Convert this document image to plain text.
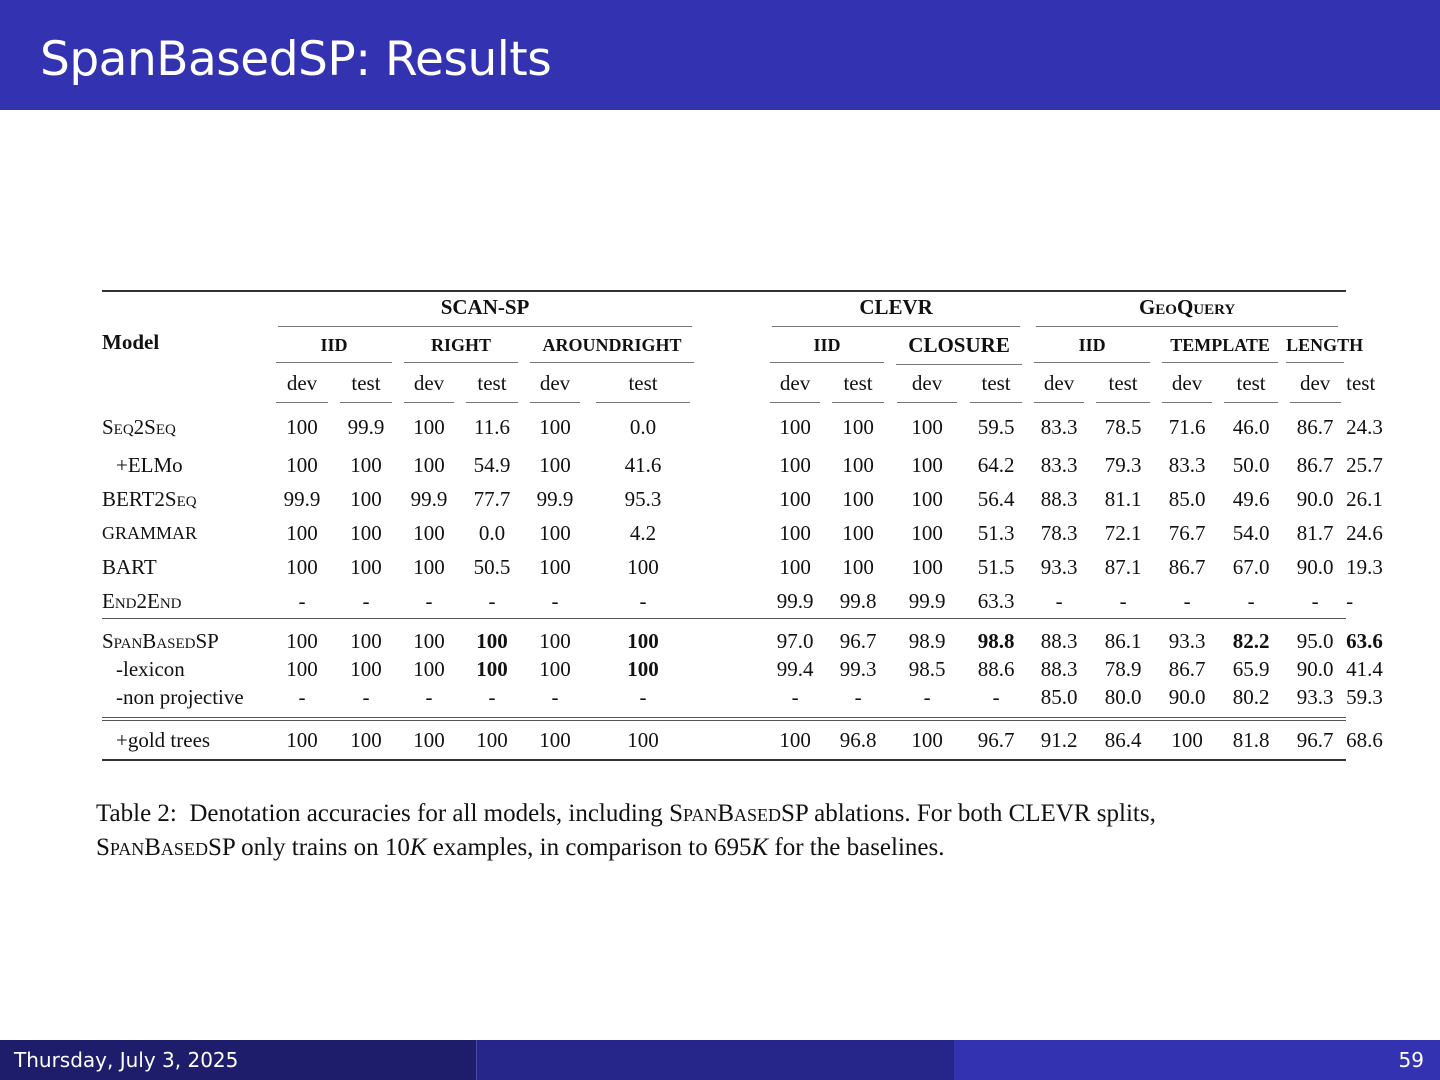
SpanBasedSP: Results
Model	SCAN-SP							CLEVR				GeoQuery					
	IID		RIGHT		AROUNDRIGHT			IID		CLOSURE		IID		TEMPLATE		LENGTH	
	dev	test	dev	test	dev	test		dev	test	dev	test	dev	test	dev	test	dev	test
Seq2Seq	100	99.9	100	11.6	100	0.0		100	100	100	59.5	83.3	78.5	71.6	46.0	86.7	24.3
+ELMo	100	100	100	54.9	100	41.6		100	100	100	64.2	83.3	79.3	83.3	50.0	86.7	25.7
BERT2Seq	99.9	100	99.9	77.7	99.9	95.3		100	100	100	56.4	88.3	81.1	85.0	49.6	90.0	26.1
GRAMMAR	100	100	100	0.0	100	4.2		100	100	100	51.3	78.3	72.1	76.7	54.0	81.7	24.6
BART	100	100	100	50.5	100	100		100	100	100	51.5	93.3	87.1	86.7	67.0	90.0	19.3
End2End	-	-	-	-	-	-		99.9	99.8	99.9	63.3	-	-	-	-	-	-
SpanBasedSP	100	100	100	100	100	100		97.0	96.7	98.9	98.8	88.3	86.1	93.3	82.2	95.0	63.6
-lexicon	100	100	100	100	100	100		99.4	99.3	98.5	88.6	88.3	78.9	86.7	65.9	90.0	41.4
-non projective	-	-	-	-	-	-		-	-	-	-	85.0	80.0	90.0	80.2	93.3	59.3
+gold trees	100	100	100	100	100	100		100	96.8	100	96.7	91.2	86.4	100	81.8	96.7	68.6
Table 2: Denotation accuracies for all models, including SpanBasedSP ablations. For both CLEVR splits,
SpanBasedSP only trains on 10K examples, in comparison to 695K for the baselines.
Thursday, July 3, 2025	59
